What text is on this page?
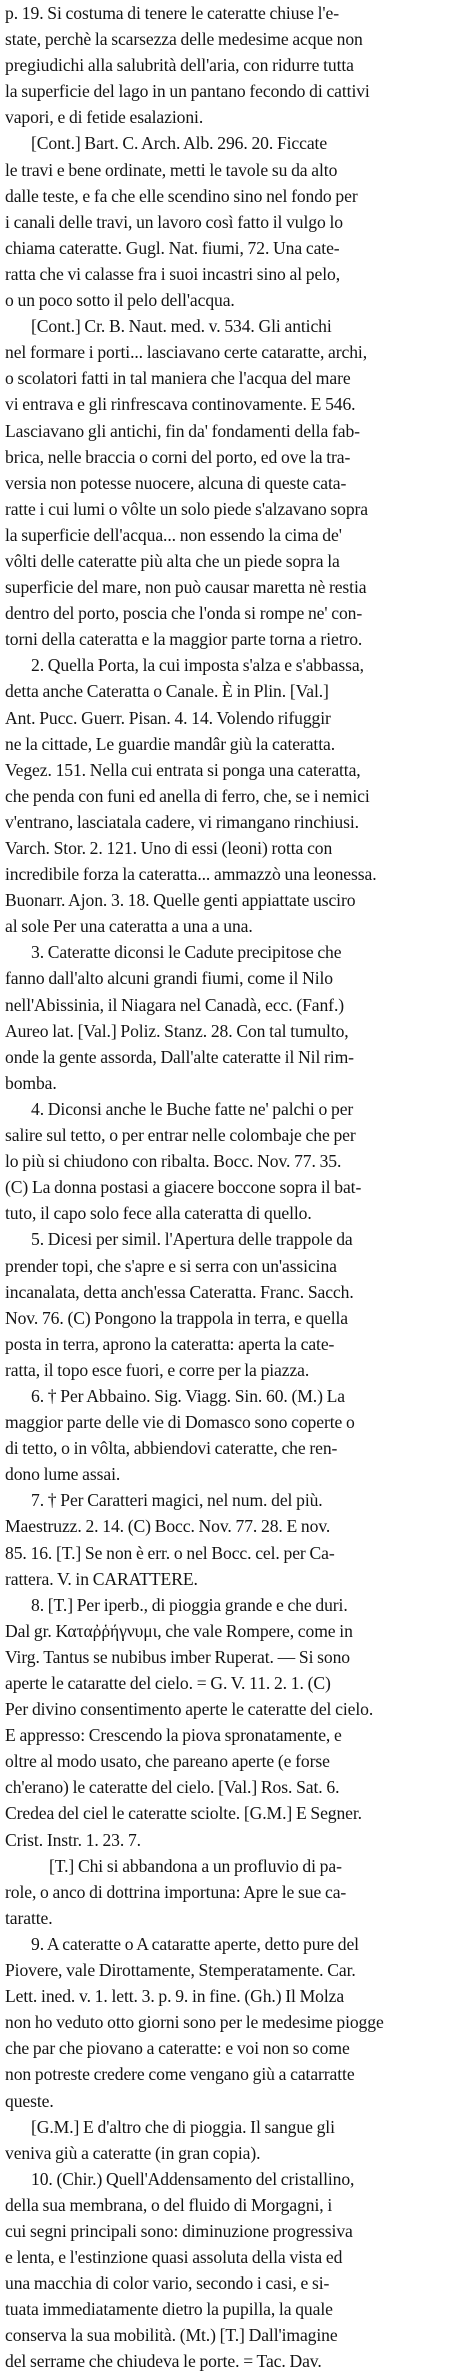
p. 19. Si costuma di tenere le cateratte chiuse l'e-
state, perchè la scarsezza delle medesime acque non
pregiudichi alla salubrità dell'aria, con ridurre tutta
la superficie del lago in un pantano fecondo di cattivi
vapori, e di fetide esalazioni.

[Cont.] Bart. C. Arch. Alb. 296. 20. Ficcate
le travi e bene ordinate, metti le tavole su da alto
dalle teste, e fa che elle scendino sino nel fondo per
i canali delle travi, un lavoro così fatto il vulgo lo
chiama cateratte. Gugl. Nat. fiumi, 72. Una cate-
ratta che vi calasse fra i suoi incastri sino al pelo,
o un poco sotto il pelo dell'acqua.

[Cont.] Cr. B. Naut. med. v. 534. Gli antichi
nel formare i porti... lasciavano certe cataratte, archi,
o scolatori fatti in tal maniera che l'acqua del mare
vi entrava e gli rinfrescava continovamente. E 546.
Lasciavano gli antichi, fin da' fondamenti della fab-
brica, nelle braccia o corni del porto, ed ove la tra-
versia non potesse nuocere, alcuna di queste cata-
ratte i cui lumi o vôlte un solo piede s'alzavano sopra
la superficie dell'acqua... non essendo la cima de'
vôlti delle cateratte più alta che un piede sopra la
superficie del mare, non può causar maretta nè restia
dentro del porto, poscia che l'onda si rompe ne' con-
torni della cateratta e la maggior parte torna a rietro.

2. Quella Porta, la cui imposta s'alza e s'abbassa,
detta anche Cateratta o Canale. È in Plin. [Val.]
Ant. Pucc. Guerr. Pisan. 4. 14. Volendo rifuggir
ne la cittade, Le guardie mandâr giù la cateratta.
Vegez. 151. Nella cui entrata si ponga una cateratta,
che penda con funi ed anella di ferro, che, se i nemici
v'entrano, lasciatala cadere, vi rimangano rinchiusi.
Varch. Stor. 2. 121. Uno di essi (leoni) rotta con
incredibile forza la cateratta... ammazzò una leonessa.
Buonarr. Ajon. 3. 18. Quelle genti appiattate usciro
al sole Per una cateratta a una a una.

3. Cateratte diconsi le Cadute precipitose che
fanno dall'alto alcuni grandi fiumi, come il Nilo
nell'Abissinia, il Niagara nel Canadà, ecc. (Fanf.)
Aureo lat. [Val.] Poliz. Stanz. 28. Con tal tumulto,
onde la gente assorda, Dall'alte cateratte il Nil rim-
bomba.

4. Diconsi anche le Buche fatte ne' palchi o per
salire sul tetto, o per entrar nelle colombaje che per
lo più si chiudono con ribalta. Bocc. Nov. 77. 35.
(C) La donna postasi a giacere boccone sopra il bat-
tuto, il capo solo fece alla cateratta di quello.

5. Dicesi per simil. l'Apertura delle trappole da
prender topi, che s'apre e si serra con un'assicina
incanalata, detta anch'essa Cateratta. Franc. Sacch.
Nov. 76. (C) Pongono la trappola in terra, e quella
posta in terra, aprono la cateratta: aperta la cate-
ratta, il topo esce fuori, e corre per la piazza.

6. † Per Abbaino. Sig. Viagg. Sin. 60. (M.) La
maggior parte delle vie di Domasco sono coperte o
di tetto, o in vôlta, abbiendovi cateratte, che ren-
dono lume assai.

7. † Per Caratteri magici, nel num. del più.
Maestruzz. 2. 14. (C) Bocc. Nov. 77. 28. E nov.
85. 16. [T.] Se non è err. o nel Bocc. cel. per Ca-
rattera. V. in CARATTERE.

8. [T.] Per iperb., di pioggia grande e che duri.
Dal gr. Καταῤῥήγνυμι, che vale Rompere, come in
Virg. Tantus se nubibus imber Ruperat. — Si sono
aperte le cataratte del cielo. = G. V. 11. 2. 1. (C)
Per divino consentimento aperte le cateratte del cielo.
E appresso: Crescendo la piova spronatamente, e
oltre al modo usato, che pareano aperte (e forse
ch'erano) le cateratte del cielo. [Val.] Ros. Sat. 6.
Credea del ciel le cateratte sciolte. [G.M.] E Segner.
Crist. Instr. 1. 23. 7.

[T.] Chi si abbandona a un profluvio di pa-
role, o anco di dottrina importuna: Apre le sue ca-
taratte.

9. A cateratte o A cataratte aperte, detto pure del
Piovere, vale Dirottamente, Stemperatamente. Car.
Lett. ined. v. 1. lett. 3. p. 9. in fine. (Gh.) Il Molza
non ho veduto otto giorni sono per le medesime piogge
che par che piovano a cateratte: e voi non so come
non potreste credere come vengano giù a catarratte
queste.

[G.M.] E d'altro che di pioggia. Il sangue gli
veniva giù a cateratte (in gran copia).

10. (Chir.) Quell'Addensamento del cristallino,
della sua membrana, o del fluido di Morgagni, i
cui segni principali sono: diminuzione progressiva
e lenta, e l'estinzione quasi assoluta della vista ed
una macchia di color vario, secondo i casi, e si-
tuata immediatamente dietro la pupilla, la quale
conserva la sua mobilità. (Mt.) [T.] Dall'imagine
del serrame che chiudeva le porte. = Tac. Dav.
